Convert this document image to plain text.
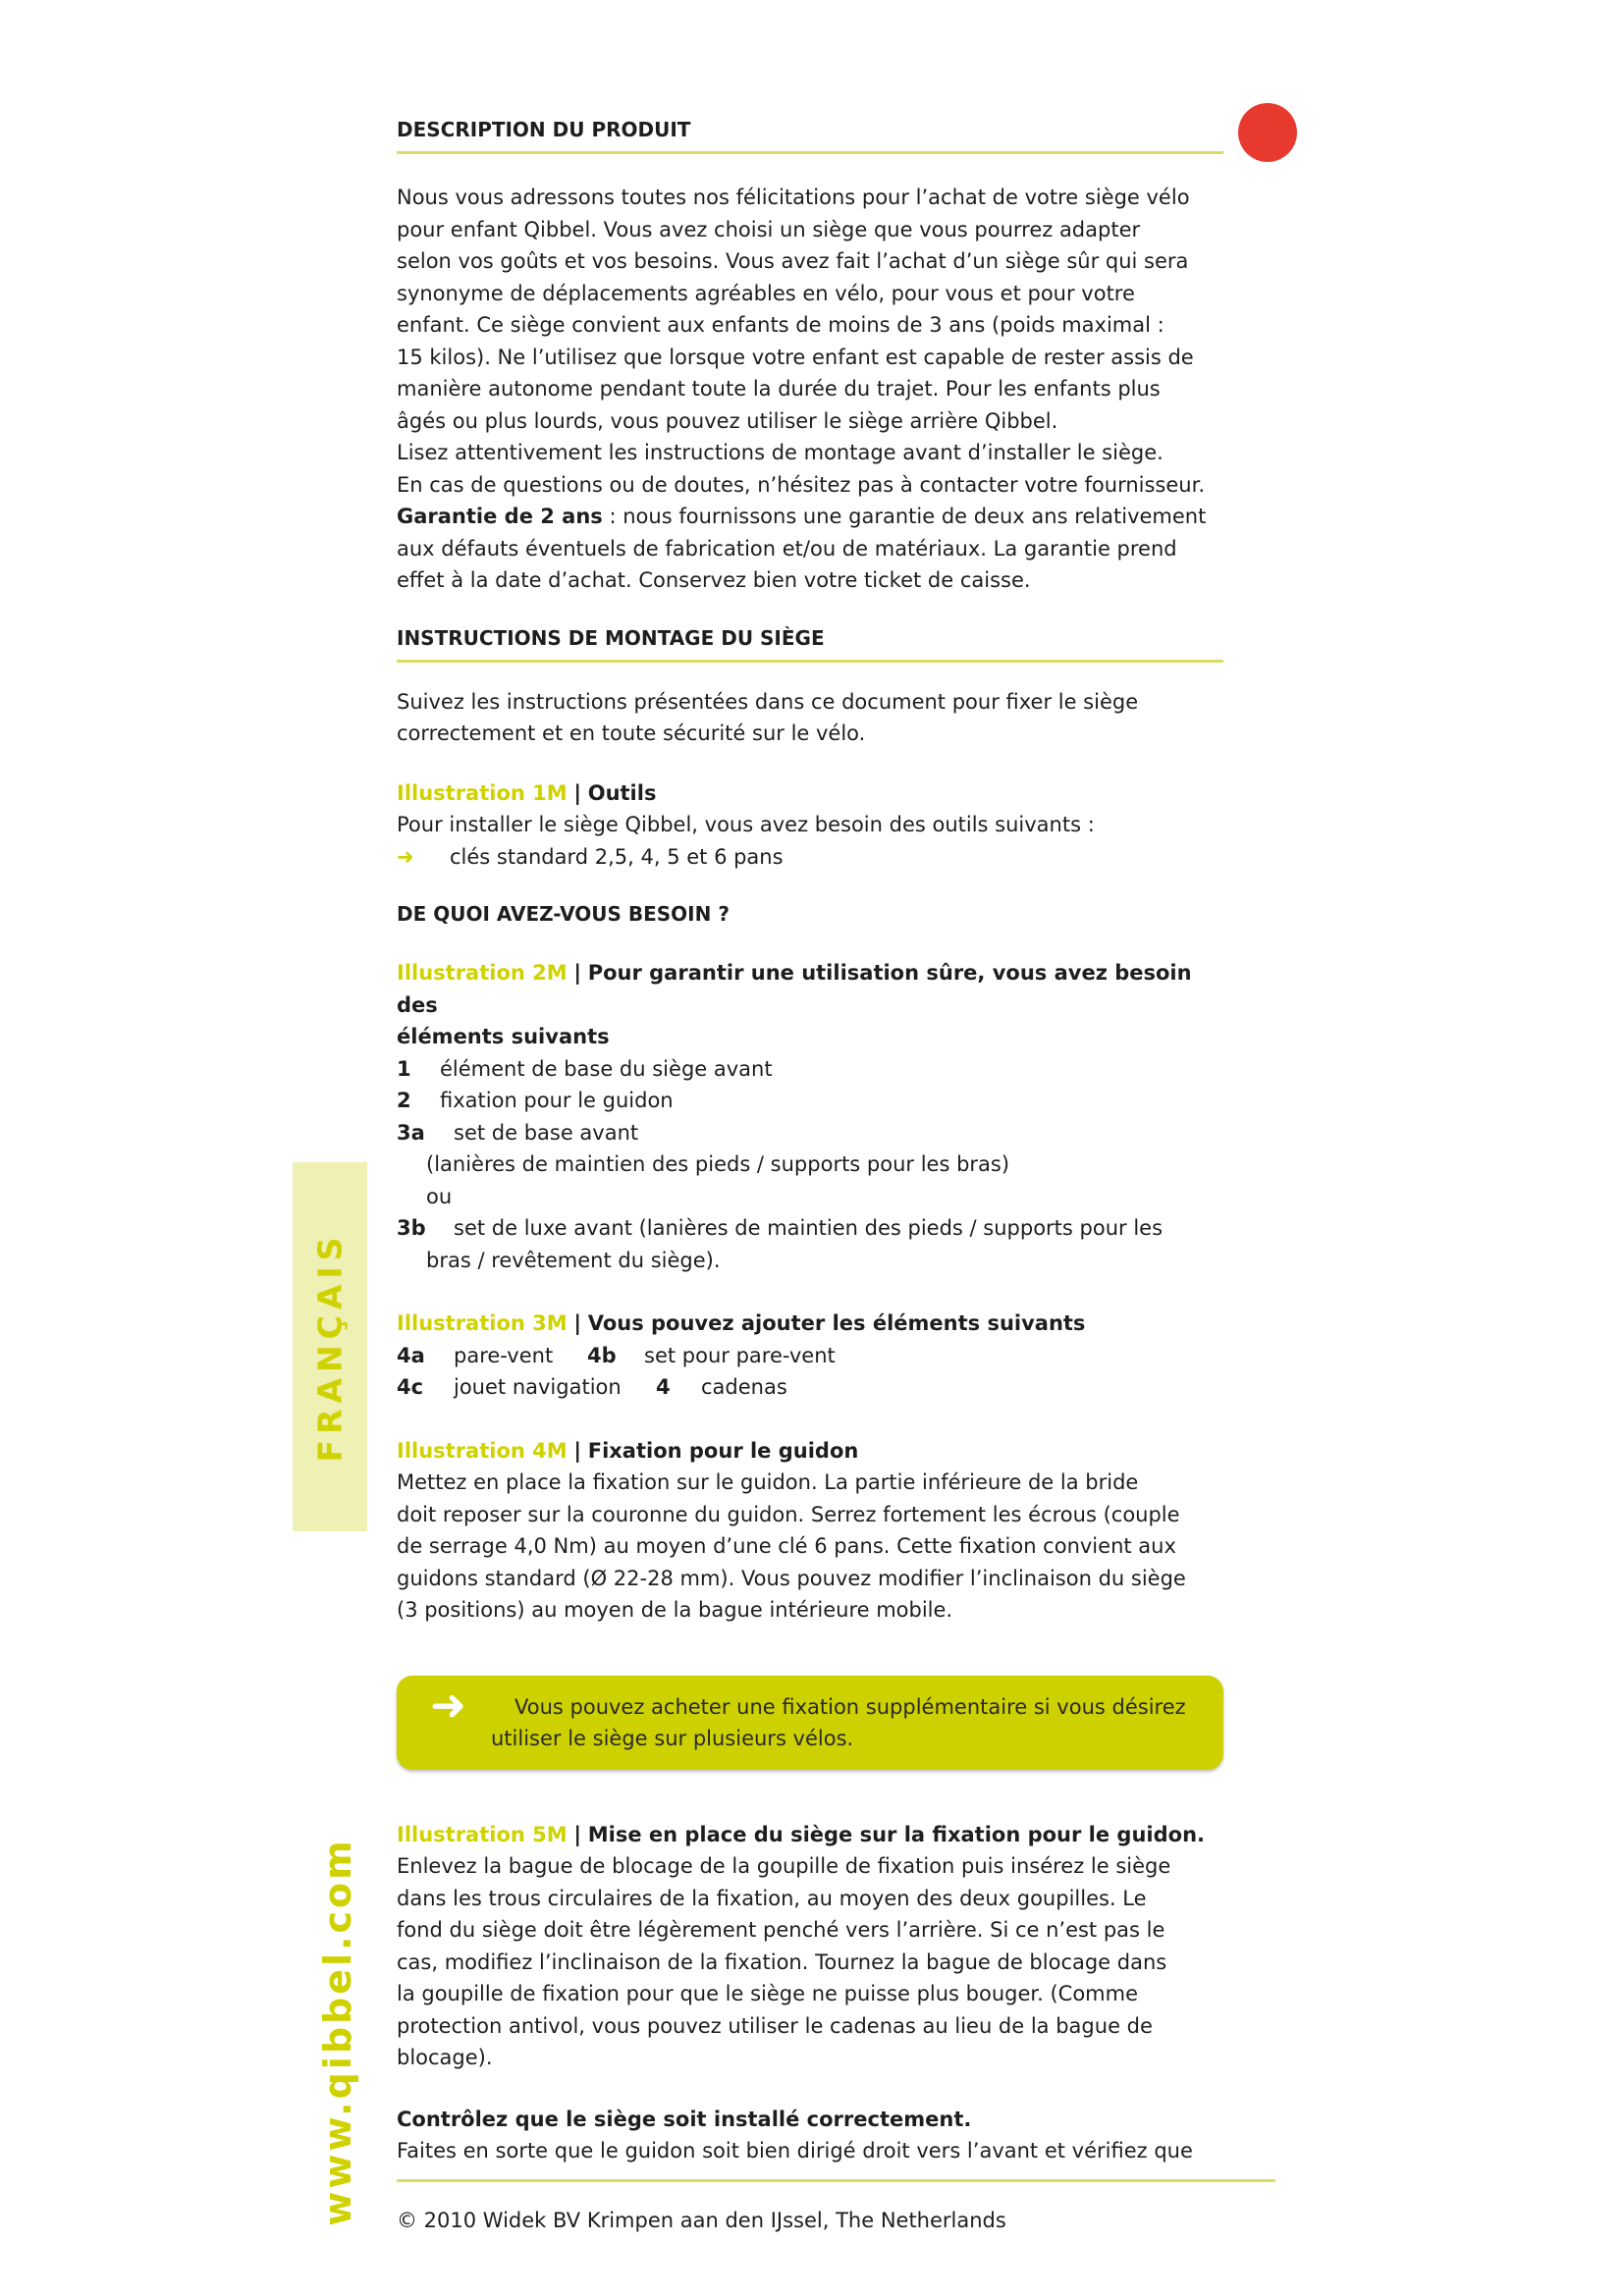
DESCRIPTION DU PRODUIT

Nous vous adressons toutes nos félicitations pour l’achat de votre siège vélo

pour enfant Qibbel. Vous avez choisi un siège que vous pourrez adapter

selon vos goûts et vos besoins. Vous avez fait l’achat d’un siège sûr qui sera

synonyme de déplacements agréables en vélo, pour vous et pour votre

enfant. Ce siège convient aux enfants de moins de 3 ans (poids maximal :

15 kilos). Ne l’utilisez que lorsque votre enfant est capable de rester assis de

manière autonome pendant toute la durée du trajet. Pour les enfants plus

âgés ou plus lourds, vous pouvez utiliser le siège arrière Qibbel.

Lisez attentivement les instructions de montage avant d’installer le siège.

En cas de questions ou de doutes, n’hésitez pas à contacter votre fournisseur.

Garantie de 2 ans : nous fournissons une garantie de deux ans relativement

aux défauts éventuels de fabrication et/ou de matériaux. La garantie prend

effet à la date d’achat. Conservez bien votre ticket de caisse.

INSTRUCTIONS DE MONTAGE DU SIÈGE

Suivez les instructions présentées dans ce document pour fixer le siège

correctement et en toute sécurité sur le vélo.

Illustration 1M | Outils

Pour installer le siège Qibbel, vous avez besoin des outils suivants :

➜ clés standard 2,5, 4, 5 et 6 pans

DE QUOI AVEZ-VOUS BESOIN ?

Illustration 2M | Pour garantir une utilisation sûre, vous avez besoin des

éléments suivants

1 élément de base du siège avant

2 fixation pour le guidon

3a set de base avant

(lanières de maintien des pieds / supports pour les bras)

ou

3b set de luxe avant (lanières de maintien des pieds / supports pour les

bras / revêtement du siège).

Illustration 3M | Vous pouvez ajouter les éléments suivants

4a pare-vent 4b set pour pare-vent

4c jouet navigation 4 cadenas

Illustration 4M | Fixation pour le guidon

Mettez en place la fixation sur le guidon. La partie inférieure de la bride

doit reposer sur la couronne du guidon. Serrez fortement les écrous (couple

de serrage 4,0 Nm) au moyen d’une clé 6 pans. Cette fixation convient aux

guidons standard (Ø 22-28 mm). Vous pouvez modifier l’inclinaison du siège

(3 positions) au moyen de la bague intérieure mobile.

➜	Vous pouvez acheter une fixation supplémentaire si vous désirez utiliser le siège sur plusieurs vélos.

Illustration 5M | Mise en place du siège sur la fixation pour le guidon.

Enlevez la bague de blocage de la goupille de fixation puis insérez le siège

dans les trous circulaires de la fixation, au moyen des deux goupilles. Le

fond du siège doit être légèrement penché vers l’arrière. Si ce n’est pas le

cas, modifiez l’inclinaison de la fixation. Tournez la bague de blocage dans

la goupille de fixation pour que le siège ne puisse plus bouger. (Comme

protection antivol, vous pouvez utiliser le cadenas au lieu de la bague de

blocage).

Contrôlez que le siège soit installé correctement.

Faites en sorte que le guidon soit bien dirigé droit vers l’avant et vérifiez que

FRANÇAIS
www.qibbel.com © 2010 Widek BV Krimpen aan den IJssel, The Netherlands
